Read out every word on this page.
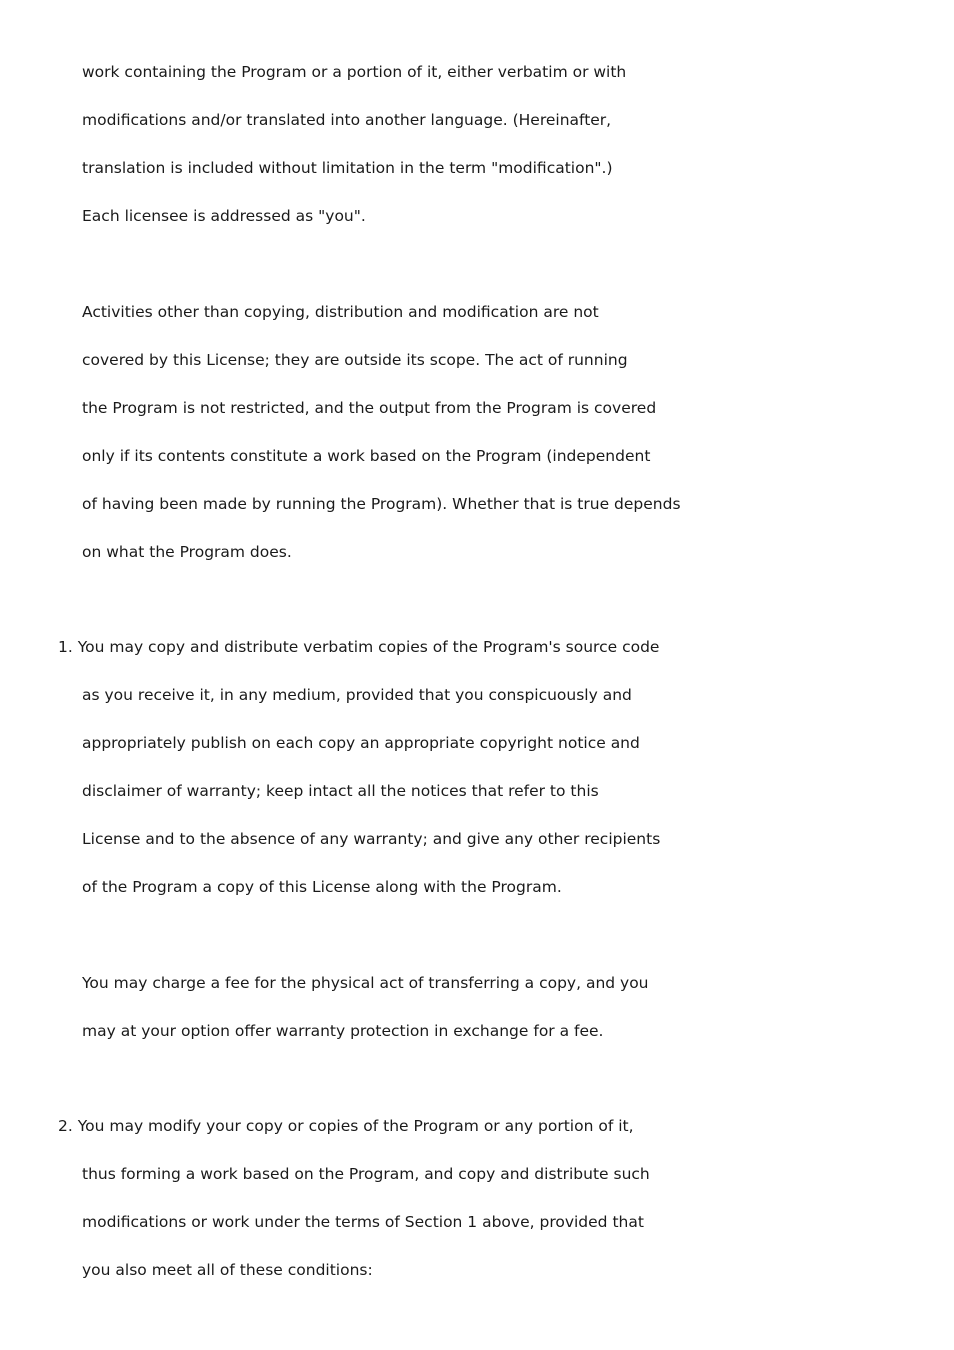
work containing the Program or a portion of it, either verbatim or with
modifications and/or translated into another language. (Hereinafter,
translation is included without limitation in the term "modification".)
Each licensee is addressed as "you".
Activities other than copying, distribution and modification are not
covered by this License; they are outside its scope. The act of running
the Program is not restricted, and the output from the Program is covered
only if its contents constitute a work based on the Program (independent
of having been made by running the Program). Whether that is true depends
on what the Program does.
1. You may copy and distribute verbatim copies of the Program's source code
as you receive it, in any medium, provided that you conspicuously and
appropriately publish on each copy an appropriate copyright notice and
disclaimer of warranty; keep intact all the notices that refer to this
License and to the absence of any warranty; and give any other recipients
of the Program a copy of this License along with the Program.
You may charge a fee for the physical act of transferring a copy, and you
may at your option offer warranty protection in exchange for a fee.
2. You may modify your copy or copies of the Program or any portion of it,
thus forming a work based on the Program, and copy and distribute such
modifications or work under the terms of Section 1 above, provided that
you also meet all of these conditions:
